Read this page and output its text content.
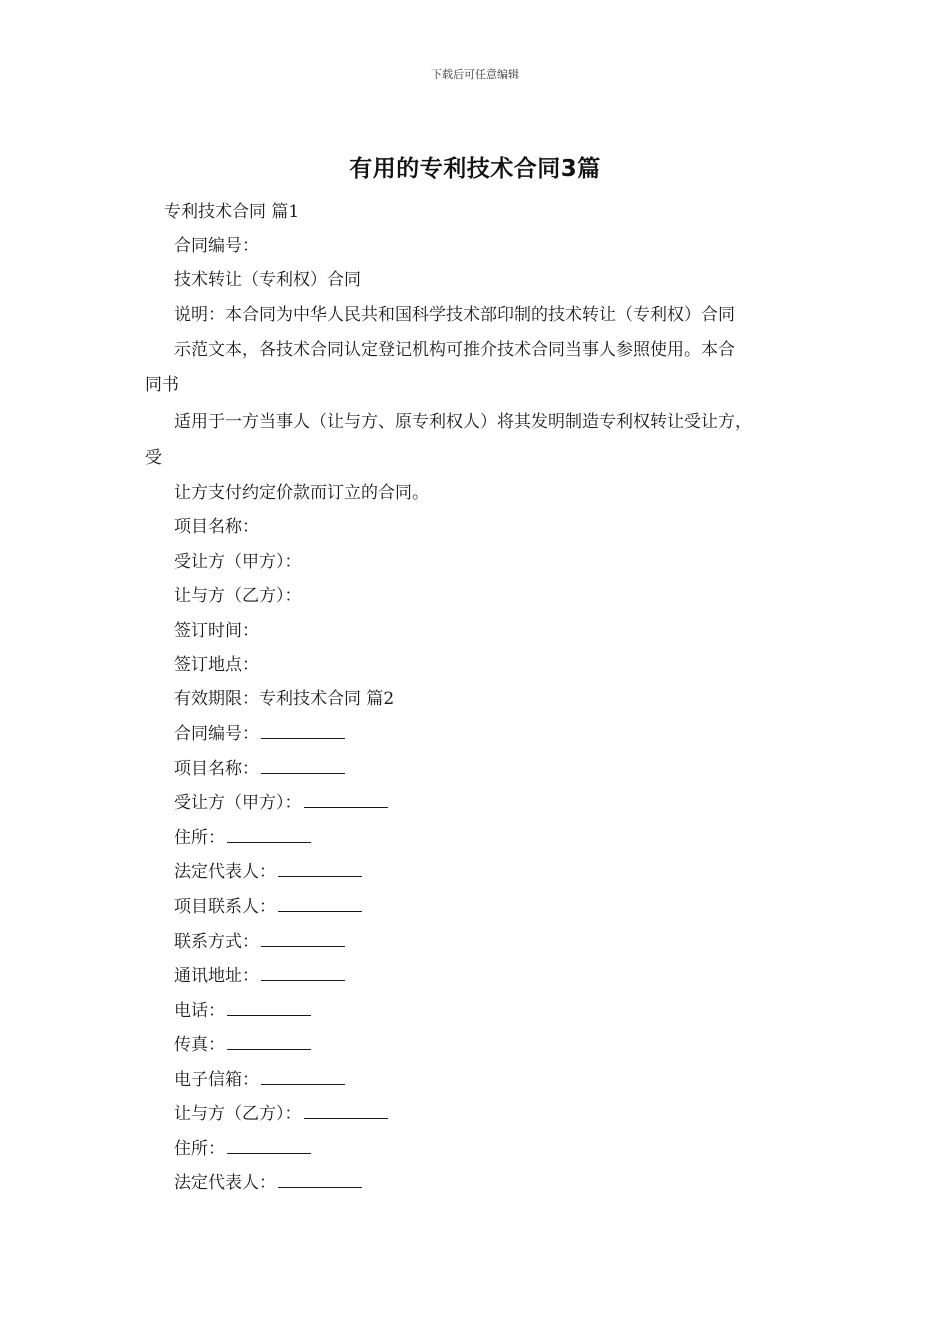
下载后可任意编辑
有用的专利技术合同3篇
专利技术合同 篇1
合同编号：
技术转让（专利权）合同
说明：本合同为中华人民共和国科学技术部印制的技术转让（专利权）合同
示范文本，各技术合同认定登记机构可推介技术合同当事人参照使用。本合
同书
适用于一方当事人（让与方、原专利权人）将其发明制造专利权转让受让方，
受
让方支付约定价款而订立的合同。
项目名称：
受让方（甲方）：
让与方（乙方）：
签订时间：
签订地点：
有效期限：专利技术合同 篇2
合同编号：
项目名称：
受让方（甲方）：
住所：
法定代表人：
项目联系人：
联系方式：
通讯地址：
电话：
传真：
电子信箱：
让与方（乙方）：
住所：
法定代表人：
